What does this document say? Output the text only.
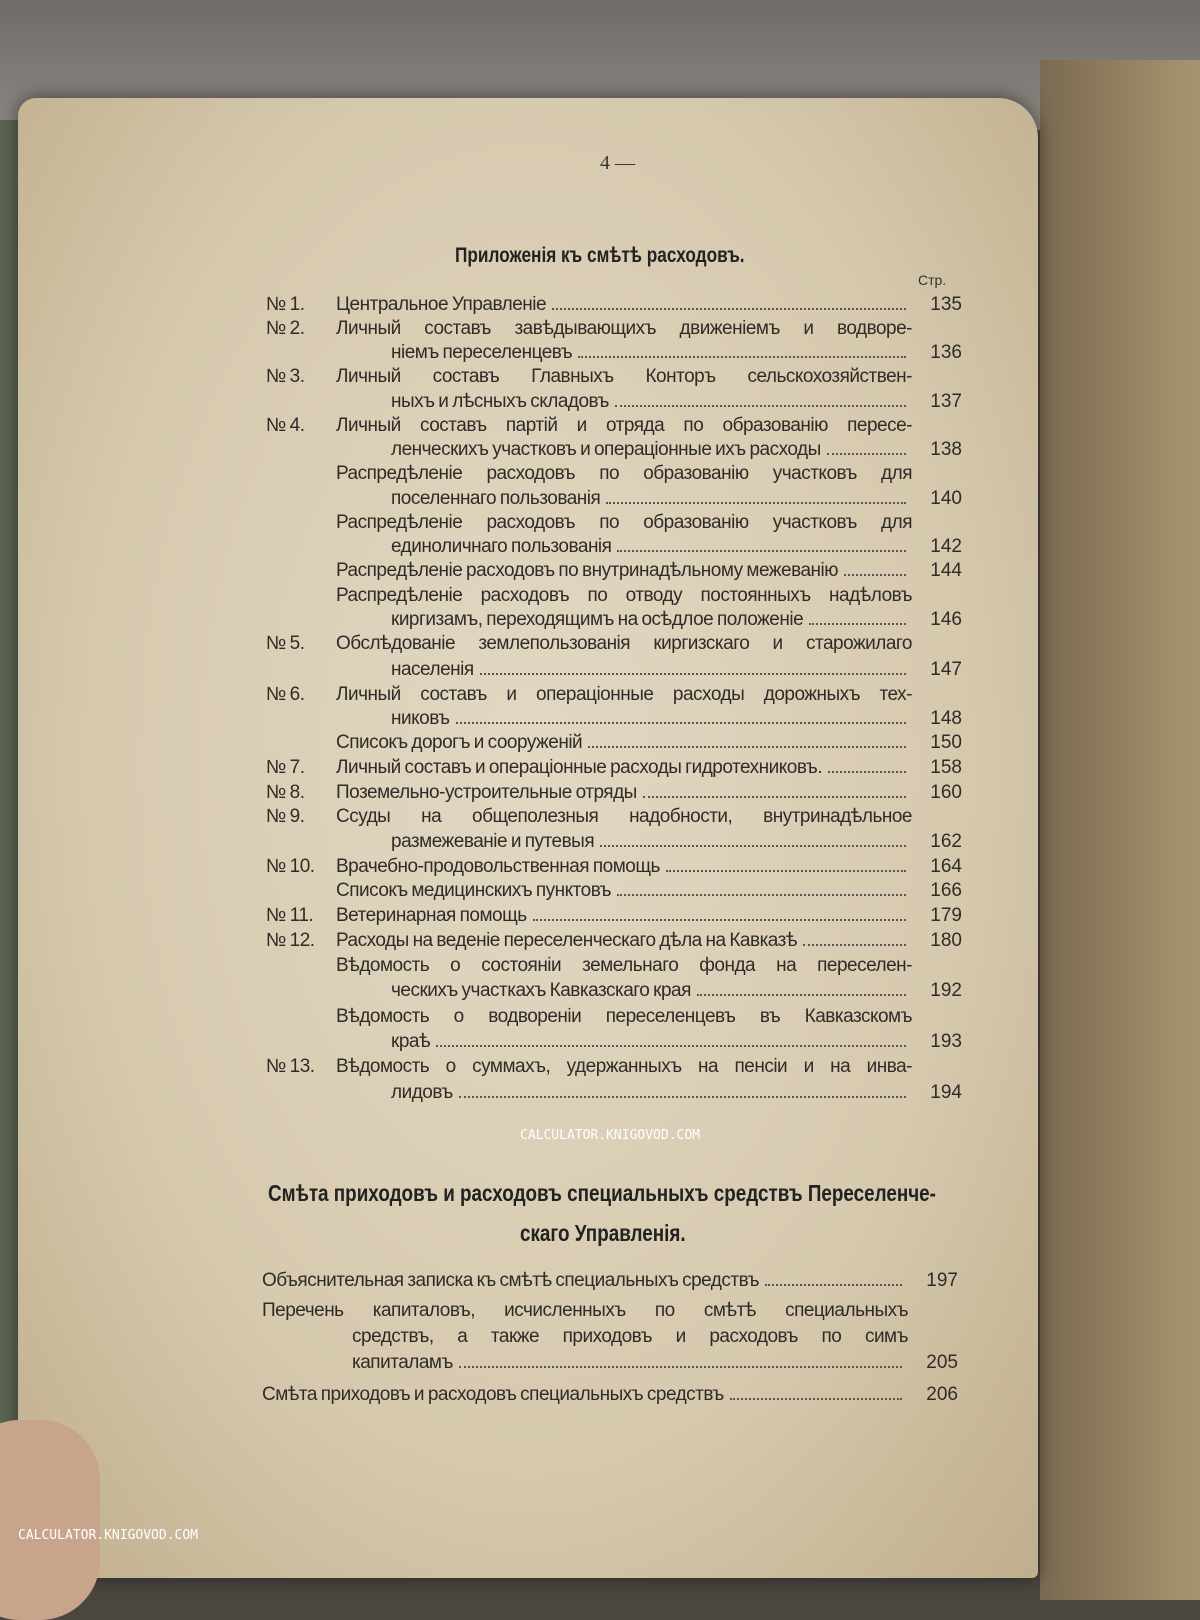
4 —
Приложенія къ смѣтѣ расходовъ.
Стр.
№ 1.	Центральное Управленіе	135
№ 2.	Личный составъ завѣдывающихъ движеніемъ и водворе-
ніемъ переселенцевъ	136
№ 3.	Личный составъ Главныхъ Конторъ сельскохозяйствен-
ныхъ и лѣсныхъ складовъ	137
№ 4.	Личный составъ партій и отряда по образованію пересе-
ленческихъ участковъ и операціонные ихъ расходы	138
Распредѣленіе расходовъ по образованію участковъ для
поселеннаго пользованія	140
Распредѣленіе расходовъ по образованію участковъ для
единоличнаго пользованія	142
Распредѣленіе расходовъ по внутринадѣльному межеванію	144
Распредѣленіе расходовъ по отводу постоянныхъ надѣловъ
киргизамъ, переходящимъ на осѣдлое положеніе	146
№ 5.	Обслѣдованіе землепользованія киргизскаго и старожилаго
населенія	147
№ 6.	Личный составъ и операціонные расходы дорожныхъ тех-
никовъ	148
Списокъ дорогъ и сооруженій	150
№ 7.	Личный составъ и операціонные расходы гидротехниковъ.	158
№ 8.	Поземельно-устроительные отряды	160
№ 9.	Ссуды на общеполезныя надобности, внутринадѣльное
размежеваніе и путевыя	162
№ 10.	Врачебно-продовольственная помощь	164
Списокъ медицинскихъ пунктовъ	166
№ 11.	Ветеринарная помощь	179
№ 12.	Расходы на веденіе переселенческаго дѣла на Кавказѣ	180
Вѣдомость о состояніи земельнаго фонда на переселен-
ческихъ участкахъ Кавказскаго края	192
Вѣдомость о водвореніи переселенцевъ въ Кавказскомъ
краѣ	193
№ 13.	Вѣдомость о суммахъ, удержанныхъ на пенсіи и на инва-
лидовъ	194
Смѣта приходовъ и расходовъ специальныхъ средствъ Переселенче-
скаго Управленія.
Объяснительная записка къ смѣтѣ специальныхъ средствъ	197
Перечень капиталовъ, исчисленныхъ по смѣтѣ специальныхъ
средствъ, а также приходовъ и расходовъ по симъ
капиталамъ	205
Смѣта приходовъ и расходовъ специальныхъ средствъ	206
CALCULATOR.KNIGOVOD.COM
CALCULATOR.KNIGOVOD.COM
